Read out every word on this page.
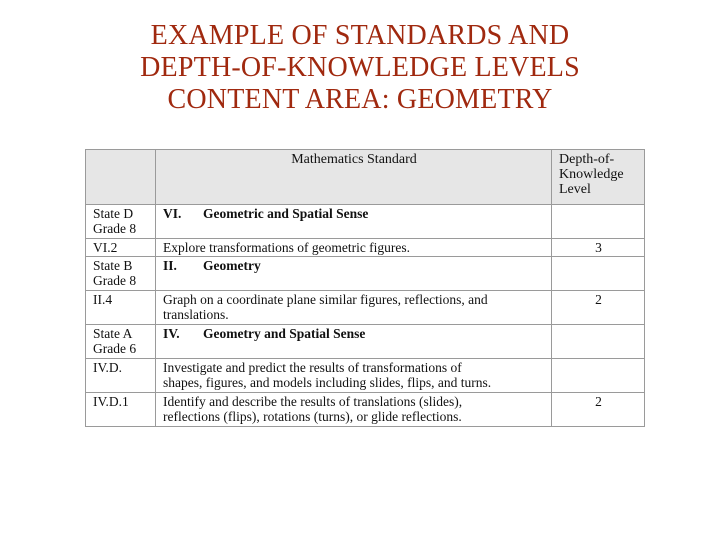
EXAMPLE OF STANDARDS AND
DEPTH-OF-KNOWLEDGE LEVELS
CONTENT AREA: GEOMETRY
	Mathematics Standard	Depth-of-
Knowledge
Level

State D
Grade 8	VI. Geometric and Spatial Sense	
VI.2	Explore transformations of geometric figures.	3

State B
Grade 8	II. Geometry	
II.4	Graph on a coordinate plane similar figures, reflections, and
translations.	2

State A
Grade 6	IV. Geometry and Spatial Sense	
IV.D.	Investigate and predict the results of transformations of
shapes, figures, and models including slides, flips, and turns.	

IV.D.1	Identify and describe the results of translations (slides),
reflections (flips), rotations (turns), or glide reflections.	2
